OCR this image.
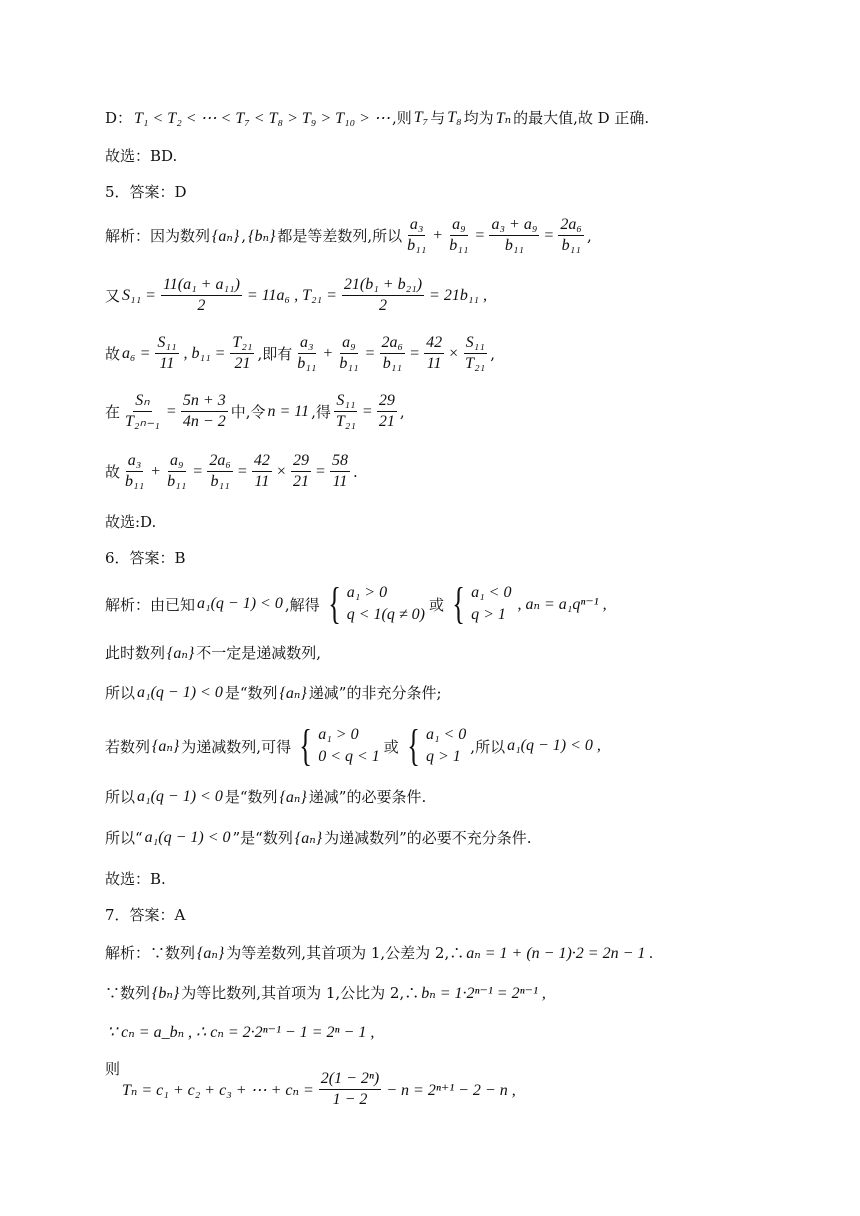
D： T₁ < T₂ < ⋯ < T₇ < T₈ > T₉ > T₁₀ > ⋯ ,则 T₇ 与 T₈ 均为 Tₙ 的最大值,故 D 正确.
故选：BD.
5．答案：D
解析：因为数列 {aₙ} , {bₙ} 都是等差数列,所以 $\frac{\text{a₃}}{\text{b₁₁}} + \frac{\text{a₉}}{\text{b₁₁}} = \frac{\text{a₃ + a₉}}{\text{b₁₁}} = \frac{\text{2a₆}}{\text{b₁₁}}$ ,
又 $S_{11} = \frac{\text{11(a₁ + a₁₁)}}{2} = 11a_6$ , $T_{21} = \frac{\text{21(b₁ + b₂₁)}}{2} = 21b_{11}$ ,
故 $a_6 = \frac{\text{S₁₁}}{11}$ , $b_{11} = \frac{\text{T₂₁}}{21}$ ,即有 $\frac{\text{a₃}}{\text{b₁₁}} + \frac{\text{a₉}}{\text{b₁₁}} = \frac{\text{2a₆}}{\text{b₁₁}} = \frac{42}{11} \times \frac{\text{S₁₁}}{\text{T₂₁}}$ ,
在 $\frac{\text{Sₙ}}{\text{T₂ₙ₋₁}} = \frac{5n + 3}{4n - 2}$ 中,令 n = 11 ,得 $\frac{\text{S₁₁}}{\text{T₂₁}} = \frac{29}{21}$ ,
故 $\frac{\text{a₃}}{\text{b₁₁}} + \frac{\text{a₉}}{\text{b₁₁}} = \frac{\text{2a₆}}{\text{b₁₁}} = \frac{42}{11} \times \frac{29}{21} = \frac{58}{11}$ .
故选:D.
6．答案：B
解析：由已知 a₁(q − 1) < 0 ,解得 { a₁ > 0
q < 1(q ≠ 0)
或 { a₁ < 0
q > 1
, aₙ = a₁qⁿ⁻¹ ,
此时数列 {aₙ} 不一定是递减数列,
所以 a₁(q − 1) < 0 是“数列 {aₙ} 递减”的非充分条件;
若数列 {aₙ} 为递减数列,可得 { a₁ > 0
0 < q < 1
或 { a₁ < 0
q > 1
,所以 a₁(q − 1) < 0 ,
所以 a₁(q − 1) < 0 是“数列 {aₙ} 递减”的必要条件.
所以“ a₁(q − 1) < 0 ”是“数列 {aₙ} 为递减数列”的必要不充分条件.
故选：B.
7．答案：A
解析：∵数列 {aₙ} 为等差数列,其首项为 1,公差为 2,∴ aₙ = 1 + (n − 1)·2 = 2n − 1 .
∵数列 {bₙ} 为等比数列,其首项为 1,公比为 2,∴ bₙ = 1·2ⁿ⁻¹ = 2ⁿ⁻¹ ,
∵ cₙ = a_bₙ , ∴ cₙ = 2·2ⁿ⁻¹ − 1 = 2ⁿ − 1 ,
则
Tₙ = c₁ + c₂ + c₃ + ⋯ + $c_n = \frac{\text{2(1 − 2ⁿ)}}{1 - 2} - n = 2^{n+1} - 2 - n$ ,
